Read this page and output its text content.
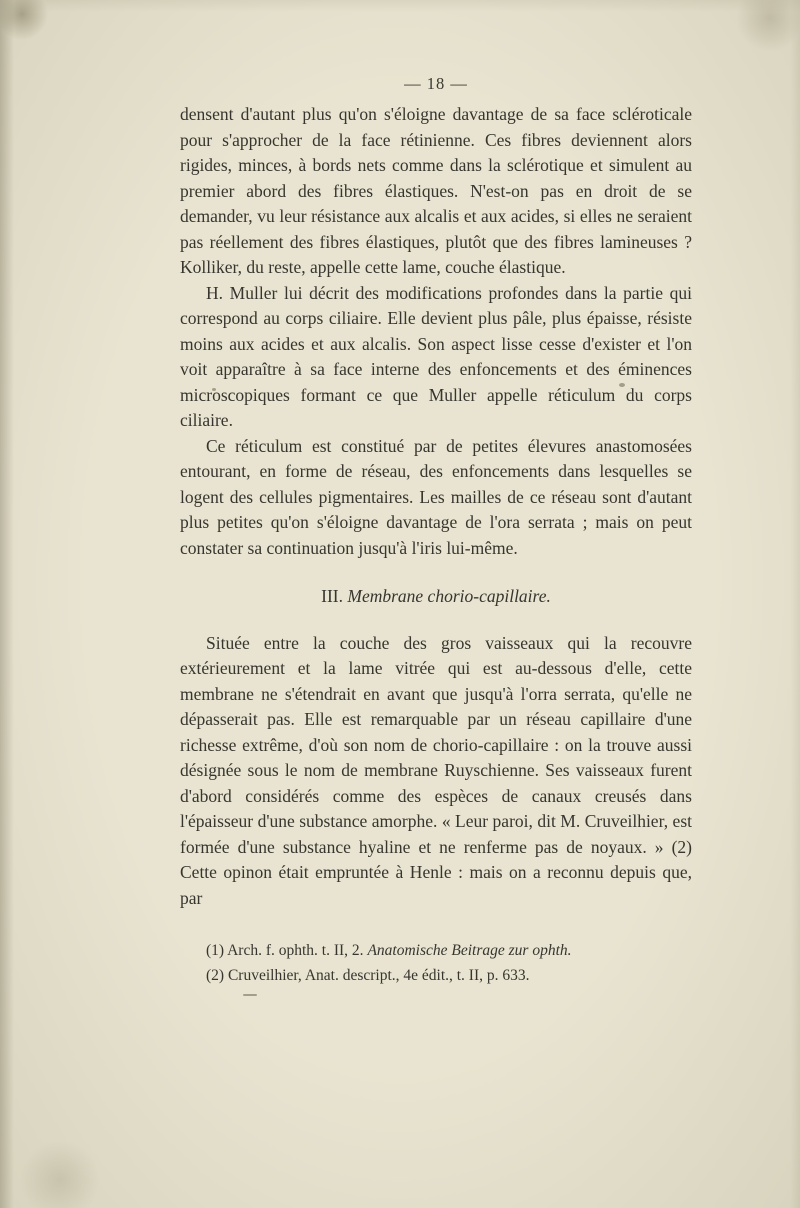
— 18 —

densent d'autant plus qu'on s'éloigne davantage de sa face scléroticale pour s'approcher de la face rétinienne. Ces fibres deviennent alors rigides, minces, à bords nets comme dans la sclérotique et simulent au premier abord des fibres élastiques. N'est-on pas en droit de se demander, vu leur résistance aux alcalis et aux acides, si elles ne seraient pas réellement des fibres élastiques, plutôt que des fibres lamineuses ? Kolliker, du reste, appelle cette lame, couche élastique.

H. Muller lui décrit des modifications profondes dans la partie qui correspond au corps ciliaire. Elle devient plus pâle, plus épaisse, résiste moins aux acides et aux alcalis. Son aspect lisse cesse d'exister et l'on voit apparaître à sa face interne des enfoncements et des éminences microscopiques formant ce que Muller appelle réticulum du corps ciliaire.

Ce réticulum est constitué par de petites élevures anastomosées entourant, en forme de réseau, des enfoncements dans lesquelles se logent des cellules pigmentaires. Les mailles de ce réseau sont d'autant plus petites qu'on s'éloigne davantage de l'ora serrata ; mais on peut constater sa continuation jusqu'à l'iris lui-même.

III. Membrane chorio-capillaire.

Située entre la couche des gros vaisseaux qui la recouvre extérieurement et la lame vitrée qui est au-dessous d'elle, cette membrane ne s'étendrait en avant que jusqu'à l'orra serrata, qu'elle ne dépasserait pas. Elle est remarquable par un réseau capillaire d'une richesse extrême, d'où son nom de chorio-capillaire : on la trouve aussi désignée sous le nom de membrane Ruyschienne. Ses vaisseaux furent d'abord considérés comme des espèces de canaux creusés dans l'épaisseur d'une substance amorphe. « Leur paroi, dit M. Cruveilhier, est formée d'une substance hyaline et ne renferme pas de noyaux. » (2) Cette opinon était empruntée à Henle : mais on a reconnu depuis que, par

(1) Arch. f. ophth. t. II, 2. Anatomische Beitrage zur ophth.

(2) Cruveilhier, Anat. descript., 4e édit., t. II, p. 633.
